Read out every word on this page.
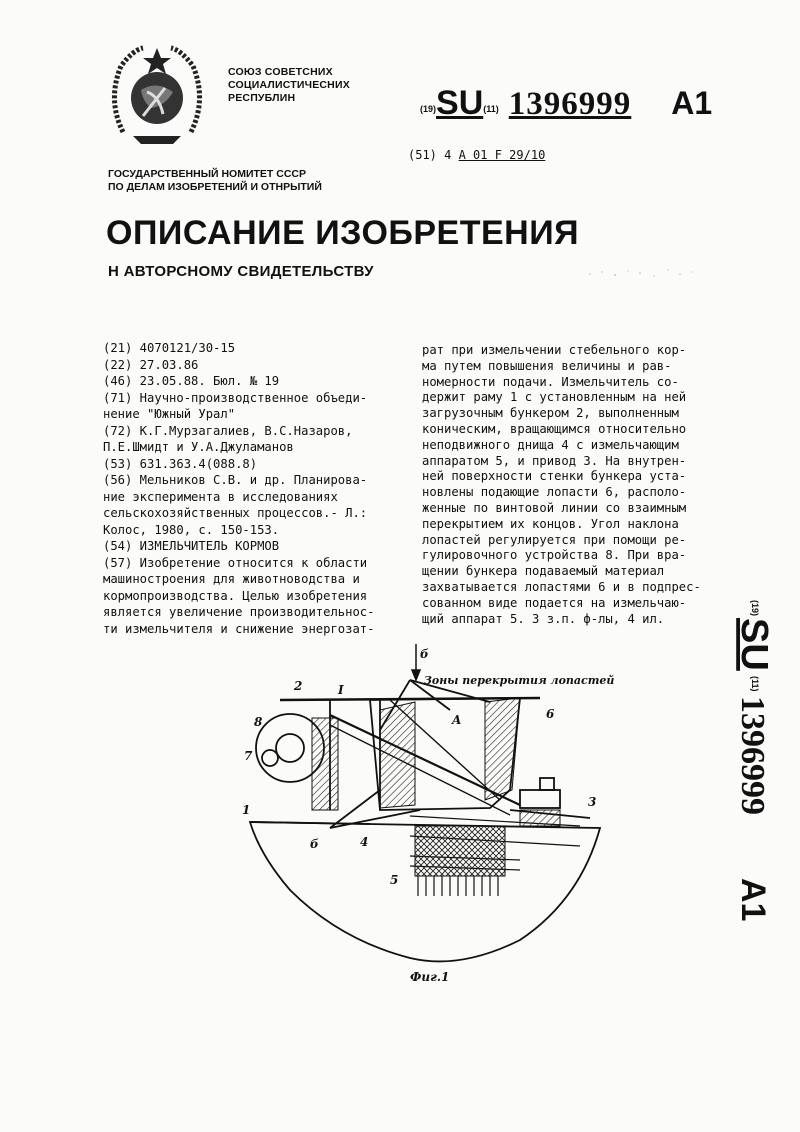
СОЮЗ СОВЕТСНИХ
СОЦИАЛИСТИЧЕСНИХ
РЕСПУБЛИН
(19)SU(11) 1396999 A1
(51) 4 A 01 F 29/10
ГОСУДАРСТВЕННЫЙ НОМИТЕТ СССР
ПО ДЕЛАМ ИЗОБРЕТЕНИЙ И ОТНРЫТИЙ
ОПИСАНИЕ ИЗОБРЕТЕНИЯ
Н АВТОРСНОМУ СВИДЕТЕЛЬСТВУ
(21) 4070121/30-15
(22) 27.03.86
(46) 23.05.88. Бюл. № 19
(71) Научно-производственное объеди-
нение "Южный Урал"
(72) К.Г.Мурзагалиев, В.С.Назаров,
П.Е.Шмидт и У.А.Джуламанов
(53) 631.363.4(088.8)
(56) Мельников С.В. и др. Планирова-
ние эксперимента в исследованиях
сельскохозяйственных процессов.- Л.:
Колос, 1980, с. 150-153.
(54) ИЗМЕЛЬЧИТЕЛЬ КОРМОВ
(57) Изобретение относится к области
машиностроения для животноводства и
кормопроизводства. Целью изобретения
является увеличение производительнос-
ти измельчителя и снижение энергозат-
рат при измельчении стебельного кор-
ма путем повышения величины и рав-
номерности подачи. Измельчитель со-
держит раму 1 с установленным на ней
загрузочным бункером 2, выполненным
коническим, вращающимся относительно
неподвижного днища 4 с измельчающим
аппаратом 5, и привод 3. На внутрен-
ней поверхности стенки бункера уста-
новлены подающие лопасти 6, располо-
женные по винтовой линии со взаимным
перекрытием их концов. Угол наклона
лопастей регулируется при помощи ре-
гулировочного устройства 8. При вра-
щении бункера подаваемый материал
захватывается лопастями 6 и в подпрес-
сованном виде подается на измельчаю-
щий аппарат 5. 3 з.п. ф-лы, 4 ил.
(19)
SU
(11)
1396999
A1
б
Зоны перекрытия лопастей
2	I
8
7
1
б	4
A	6
3
5
Фиг.1
